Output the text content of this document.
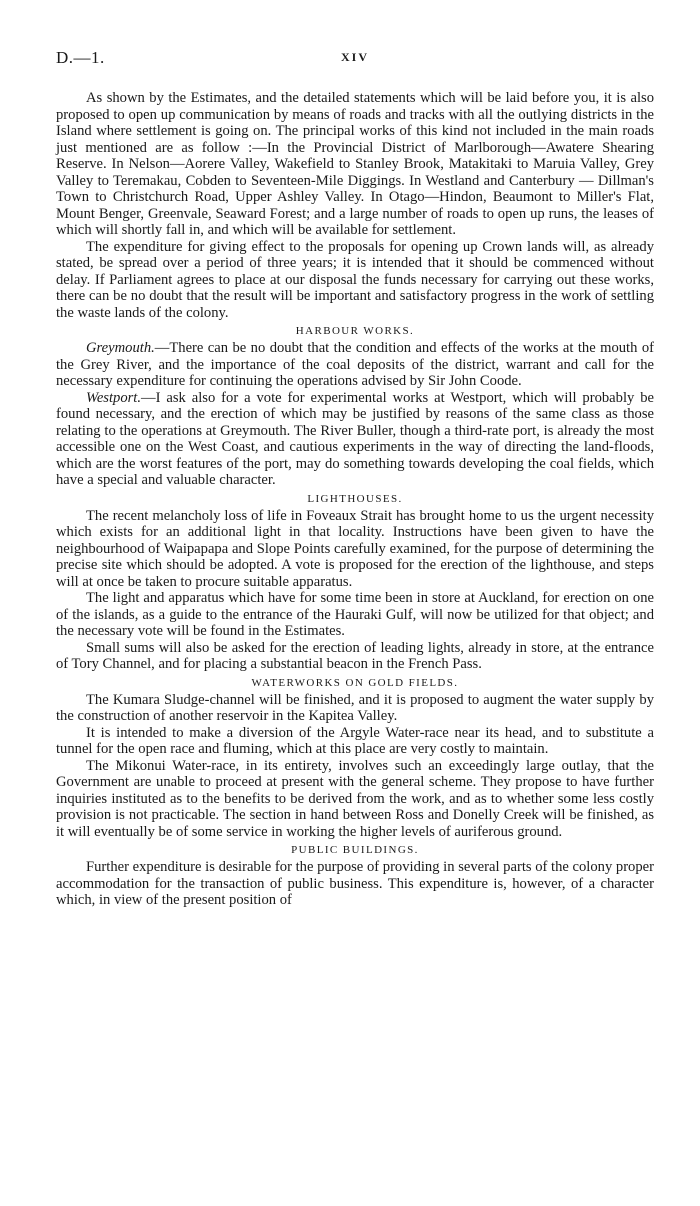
D.—1.	XIV

As shown by the Estimates, and the detailed statements which will be laid before you, it is also proposed to open up communication by means of roads and tracks with all the outlying districts in the Island where settlement is going on. The principal works of this kind not included in the main roads just mentioned are as follow :—In the Provincial District of Marlborough—Awatere Shearing Reserve. In Nelson—Aorere Valley, Wakefield to Stanley Brook, Matakitaki to Maruia Valley, Grey Valley to Teremakau, Cobden to Seventeen-Mile Diggings. In Westland and Canterbury — Dillman's Town to Christchurch Road, Upper Ashley Valley. In Otago—Hindon, Beaumont to Miller's Flat, Mount Benger, Greenvale, Seaward Forest; and a large number of roads to open up runs, the leases of which will shortly fall in, and which will be available for settlement.

The expenditure for giving effect to the proposals for opening up Crown lands will, as already stated, be spread over a period of three years; it is intended that it should be commenced without delay. If Parliament agrees to place at our disposal the funds necessary for carrying out these works, there can be no doubt that the result will be important and satisfactory progress in the work of settling the waste lands of the colony.

HARBOUR WORKS.

Greymouth.—There can be no doubt that the condition and effects of the works at the mouth of the Grey River, and the importance of the coal deposits of the district, warrant and call for the necessary expenditure for continuing the operations advised by Sir John Coode.

Westport.—I ask also for a vote for experimental works at Westport, which will probably be found necessary, and the erection of which may be justified by reasons of the same class as those relating to the operations at Greymouth. The River Buller, though a third-rate port, is already the most accessible one on the West Coast, and cautious experiments in the way of directing the land-floods, which are the worst features of the port, may do something towards developing the coal fields, which have a special and valuable character.

LIGHTHOUSES.

The recent melancholy loss of life in Foveaux Strait has brought home to us the urgent necessity which exists for an additional light in that locality. Instructions have been given to have the neighbourhood of Waipapapa and Slope Points carefully examined, for the purpose of determining the precise site which should be adopted. A vote is proposed for the erection of the lighthouse, and steps will at once be taken to procure suitable apparatus.

The light and apparatus which have for some time been in store at Auckland, for erection on one of the islands, as a guide to the entrance of the Hauraki Gulf, will now be utilized for that object; and the necessary vote will be found in the Estimates.

Small sums will also be asked for the erection of leading lights, already in store, at the entrance of Tory Channel, and for placing a substantial beacon in the French Pass.

WATERWORKS ON GOLD FIELDS.

The Kumara Sludge-channel will be finished, and it is proposed to augment the water supply by the construction of another reservoir in the Kapitea Valley.

It is intended to make a diversion of the Argyle Water-race near its head, and to substitute a tunnel for the open race and fluming, which at this place are very costly to maintain.

The Mikonui Water-race, in its entirety, involves such an exceedingly large outlay, that the Government are unable to proceed at present with the general scheme. They propose to have further inquiries instituted as to the benefits to be derived from the work, and as to whether some less costly provision is not practicable. The section in hand between Ross and Donelly Creek will be finished, as it will eventually be of some service in working the higher levels of auriferous ground.

PUBLIC BUILDINGS.

Further expenditure is desirable for the purpose of providing in several parts of the colony proper accommodation for the transaction of public business. This expenditure is, however, of a character which, in view of the present position of
